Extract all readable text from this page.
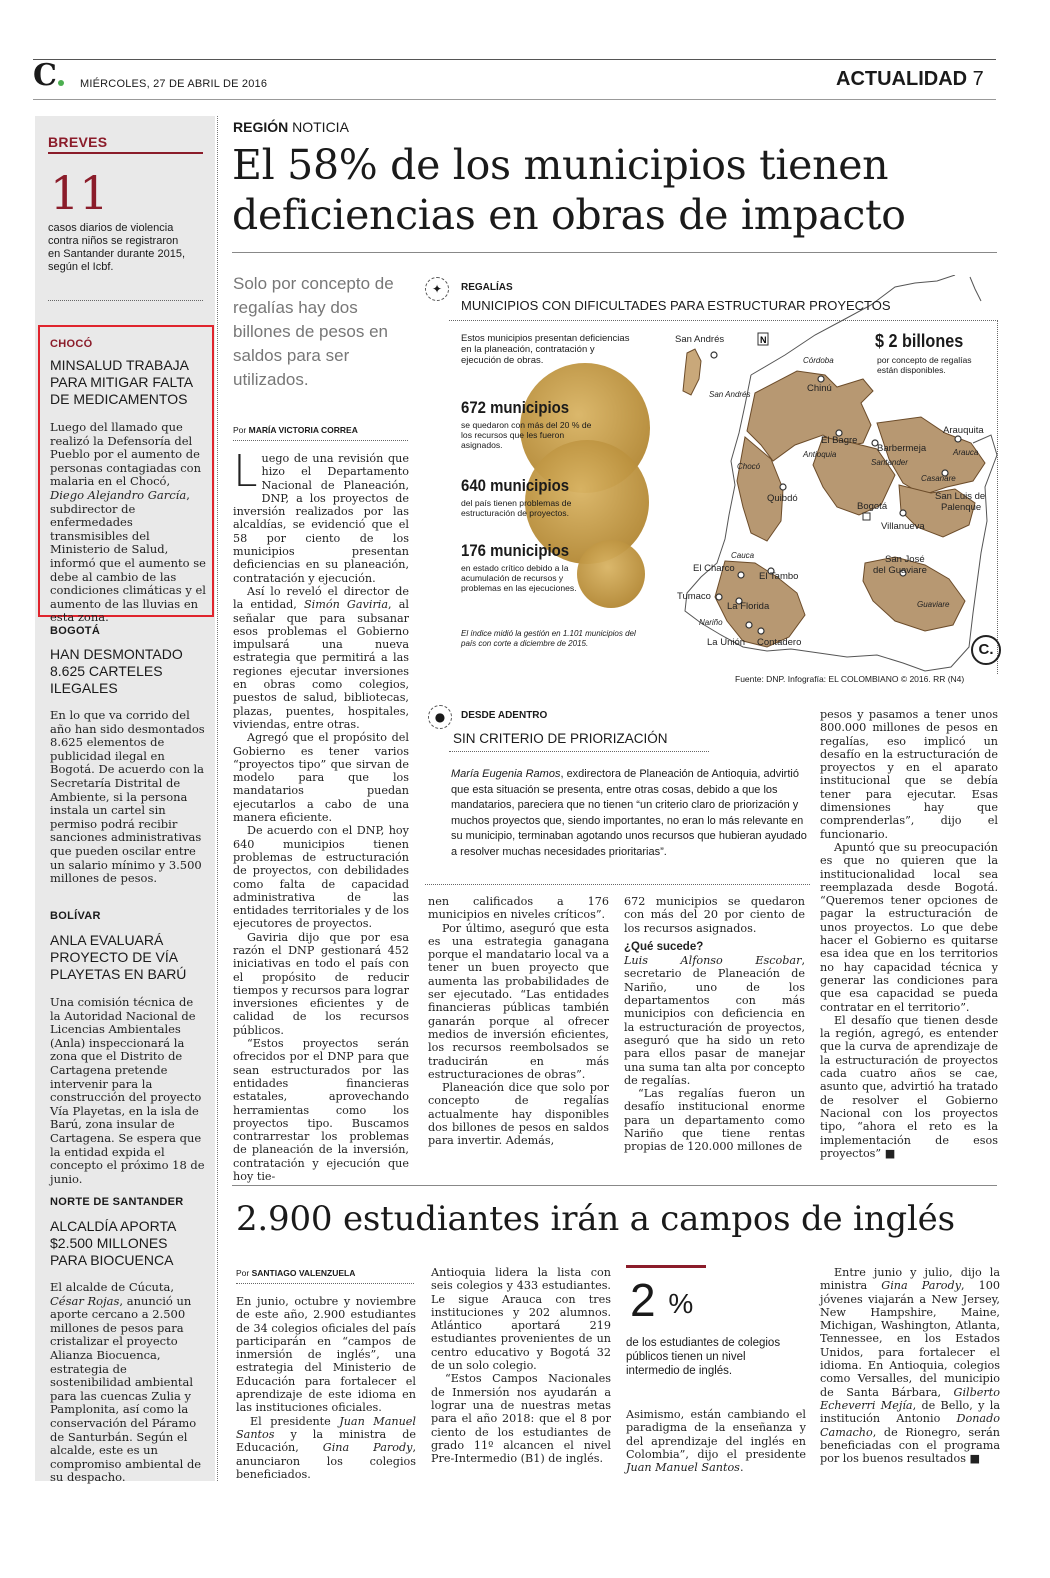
C MIÉRCOLES, 27 DE ABRIL DE 2016	ACTUALIDAD 7
BREVES
11
casos diarios de violencia contra niños se registraron en Santander durante 2015, según el Icbf.
CHOCÓ
MINSALUD TRABAJA PARA MITIGAR FALTA DE MEDICAMENTOS
Luego del llamado que realizó la Defensoría del Pueblo por el aumento de personas contagiadas con malaria en el Chocó, Diego Alejandro García, subdirector de enfermedades transmisibles del Ministerio de Salud, informó que el aumento se debe al cambio de las condiciones climáticas y el aumento de las lluvias en esta zona.
BOGOTÁ
HAN DESMONTADO 8.625 CARTELES ILEGALES
En lo que va corrido del año han sido desmontados 8.625 elementos de publicidad ilegal en Bogotá. De acuerdo con la Secretaría Distrital de Ambiente, si la persona instala un cartel sin permiso podrá recibir sanciones administrativas que pueden oscilar entre un salario mínimo y 3.500 millones de pesos.
BOLÍVAR
ANLA EVALUARÁ PROYECTO DE VÍA PLAYETAS EN BARÚ
Una comisión técnica de la Autoridad Nacional de Licencias Ambientales (Anla) inspeccionará la zona que el Distrito de Cartagena pretende intervenir para la construcción del proyecto Vía Playetas, en la isla de Barú, zona insular de Cartagena. Se espera que la entidad expida el concepto el próximo 18 de junio.
NORTE DE SANTANDER
ALCALDÍA APORTA $2.500 MILLONES PARA BIOCUENCA
El alcalde de Cúcuta, César Rojas, anunció un aporte cercano a 2.500 millones de pesos para cristalizar el proyecto Alianza Biocuenca, estrategia de sostenibilidad ambiental para las cuencas Zulia y Pamplonita, así como la conservación del Páramo de Santurbán. Según el alcalde, este es un compromiso ambiental de su despacho.
REGIÓN NOTICIA
El 58% de los municipios tienen
deficiencias en obras de impacto
Solo por concepto de regalías hay dos billones de pesos en saldos para ser utilizados.
Por MARÍA VICTORIA CORREA

Luego de una revisión que hizo el Departamento Nacional de Planeación, DNP, a los proyectos de inversión realizados por las alcaldías, se evidenció que el 58 por ciento de los municipios presentan deficiencias en su planeación, contratación y ejecución.

Así lo reveló el director de la entidad, Simón Gaviria, al señalar que para subsanar esos problemas el Gobierno impulsará una nueva estrategia que permitirá a las regiones ejecutar inversiones en obras como colegios, puestos de salud, bibliotecas, plazas, puentes, hospitales, viviendas, entre otras.

Agregó que el propósito del Gobierno es tener varios “proyectos tipo” que sirvan de modelo para que los mandatarios puedan ejecutarlos a cabo de una manera eficiente.

De acuerdo con el DNP, hoy 640 municipios tienen problemas de estructuración de proyectos, con debilidades como falta de capacidad administrativa de las entidades territoriales y de los ejecutores de proyectos.

Gaviria dijo que por esa razón el DNP gestionará 452 iniciativas en todo el país con el propósito de reducir tiempos y recursos para lograr inversiones eficientes y de calidad de los recursos públicos.

“Estos proyectos serán ofrecidos por el DNP para que sean estructurados por las entidades financieras estatales, aprovechando herramientas como los proyectos tipo. Buscamos contrarrestar los problemas de planeación de la inversión, contratación y ejecución que hoy tie-

San Andrés
San Andrés
Córdoba
Chinú
El Bagre
Antioquia
Barbermeja
Santander
Arauquita
Arauca
Casanare
San Luis de
Palenque
Villanueva
Chocó
Quibdó
Bogotá
San José
del Guaviare
Guaviare
Cauca
El Charco
El Tambo
Tumaco
La Florida
Nariño
La Unión Contadero
N
✦	REGALÍAS
MUNICIPIOS CON DIFICULTADES PARA ESTRUCTURAR PROYECTOS
Estos municipios presentan deficiencias en la planeación, contratación y ejecución de obras.
672 municipios
se quedaron con más del 20 % de los recursos que les fueron asignados.
640 municipios
del país tienen problemas de estructuración de proyectos.
176 municipios
en estado crítico debido a la acumulación de recursos y problemas en las ejecuciones.
El índice midió la gestión en 1.101 municipios del país con corte a diciembre de 2015.
$ 2 billones
por concepto de regalías están disponibles.
C.
Fuente: DNP. Infografía: EL COLOMBIANO © 2016. RR (N4)
●	DESDE ADENTRO
SIN CRITERIO DE PRIORIZACIÓN
María Eugenia Ramos, exdirectora de Planeación de Antioquia, advirtió que esta situación se presenta, entre otras cosas, debido a que los mandatarios, pareciera que no tienen “un criterio claro de priorización y muchos proyectos que, siendo importantes, no eran lo más relevante en su municipio, terminaban agotando unos recursos que hubieran ayudado a resolver muchas necesidades prioritarias”.

nen calificados a 176 municipios en niveles críticos”.

Por último, aseguró que esta es una estrategia ganagana porque el mandatario local va a tener un buen proyecto que aumenta las probabilidades de ser ejecutado. “Las entidades financieras públicas también ganarán porque al ofrecer medios de inversión eficientes, los recursos reembolsados se traducirán en más estructuraciones de obras”.

Planeación dice que solo por concepto de regalías actualmente hay disponibles dos billones de pesos en saldos para invertir. Además,

672 municipios se quedaron con más del 20 por ciento de los recursos asignados.

¿Qué sucede?

Luis Alfonso Escobar, secretario de Planeación de Nariño, uno de los departamentos con más municipios con deficiencia en la estructuración de proyectos, aseguró que ha sido un reto para ellos pasar de manejar una suma tan alta por concepto de regalías.

“Las regalías fueron un desafío institucional enorme para un departamento como Nariño que tiene rentas propias de 120.000 millones de

pesos y pasamos a tener unos 800.000 millones de pesos en regalías, eso implicó un desafío en la estructuración de proyectos y en el aparato institucional que se debía tener para ejecutar. Esas dimensiones hay que comprenderlas”, dijo el funcionario.

Apuntó que su preocupación es que no quieren que la institucionalidad local sea reemplazada desde Bogotá. “Queremos tener opciones de pagar la estructuración de unos proyectos. Lo que debe hacer el Gobierno es quitarse esa idea que en los territorios no hay capacidad técnica y generar las condiciones para que esa capacidad se pueda contratar en el territorio”.

El desafío que tienen desde la región, agregó, es entender que la curva de aprendizaje de la estructuración de proyectos cada cuatro años se cae, asunto que, advirtió ha tratado de resolver el Gobierno Nacional con los proyectos tipo, “ahora el reto es la implementación de esos proyectos” ■

2.900 estudiantes irán a campos de inglés
Por SANTIAGO VALENZUELA

En junio, octubre y noviembre de este año, 2.900 estudiantes de 34 colegios oficiales del país participarán en “campos de inmersión de inglés”, una estrategia del Ministerio de Educación para fortalecer el aprendizaje de este idioma en las instituciones oficiales.

El presidente Juan Manuel Santos y la ministra de Educación, Gina Parody, anunciaron los colegios beneficiados.

Antioquia lidera la lista con seis colegios y 433 estudiantes. Le sigue Arauca con tres instituciones y 202 alumnos. Atlántico aportará 219 estudiantes provenientes de un centro educativo y Bogotá 32 de un solo colegio.

“Estos Campos Nacionales de Inmersión nos ayudarán a lograr una de nuestras metas para el año 2018: que el 8 por ciento de los estudiantes de grado 11º alcancen el nivel Pre-Intermedio (B1) de inglés.

2 %
de los estudiantes de colegios públicos tienen un nivel intermedio de inglés.

Asimismo, están cambiando el paradigma de la enseñanza y del aprendizaje del inglés en Colombia”, dijo el presidente Juan Manuel Santos.

Entre junio y julio, dijo la ministra Gina Parody, 100 jóvenes viajarán a New Jersey, New Hampshire, Maine, Michigan, Washington, Atlanta, Tennessee, en los Estados Unidos, para fortalecer el idioma. En Antioquia, colegios como Versalles, del municipio de Santa Bárbara, Gilberto Echeverri Mejía, de Bello, y la institución Antonio Donado Camacho, de Rionegro, serán beneficiadas con el programa por los buenos resultados ■
